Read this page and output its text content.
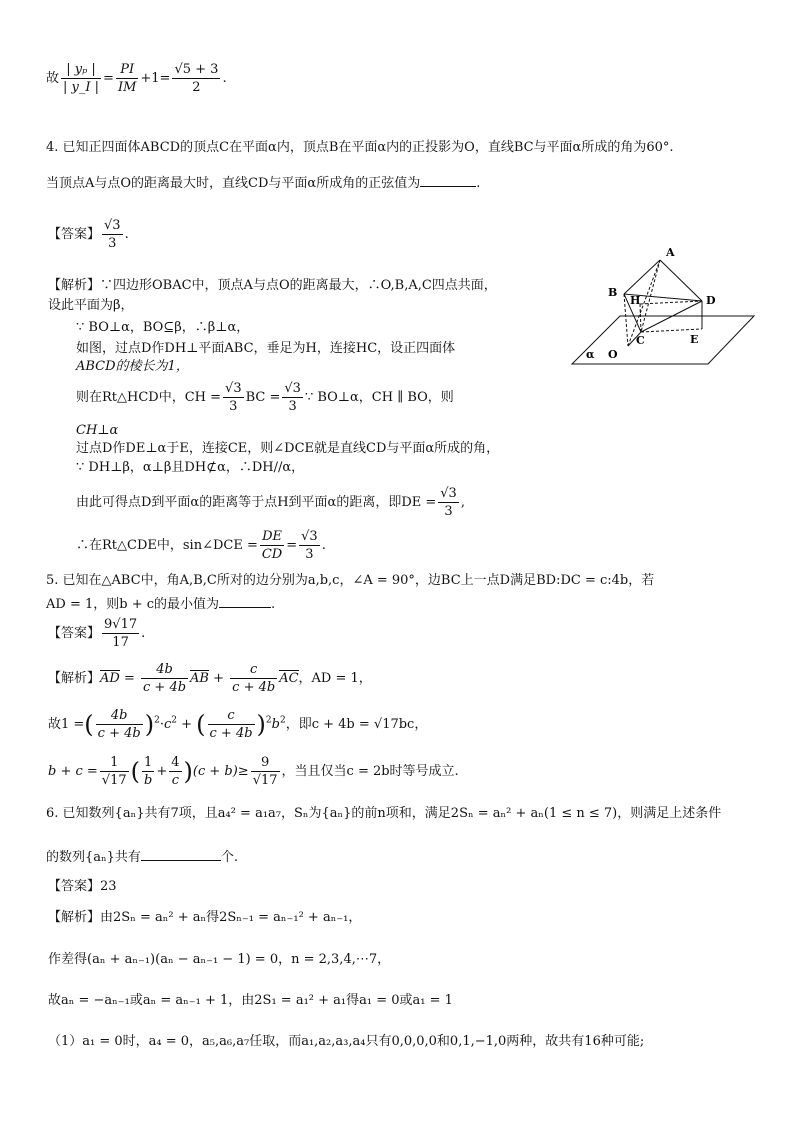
故 $\frac{\text{| yₚ |}}{| y\_I |} = \frac{PI}{IM} +1= \frac{√5 + 3}{2}$ .
4. 已知正四面体ABCD的顶点C在平面α内，顶点B在平面α内的正投影为O，直线BC与平面α所成的角为60°.
当顶点A与点O的距离最大时，直线CD与平面α所成角的正弦值为	.
【答案】 $\frac{√3}{3}$ .
【解析】∵四边形OBAC中，顶点A与点O的距离最大，∴O,B,A,C四点共面，
设此平面为β，
∵ BO⊥α，BO⊆β，∴β⊥α，
如图，过点D作DH⊥平面ABC，垂足为H，连接HC，设正四面体
ABCD的棱长为1，
则在Rt△HCD中，CH = $\frac{√3}{3}$ BC = $\frac{√3}{3}$ ∵ BO⊥α，CH ∥ BO，则
CH⊥α
过点D作DE⊥α于E，连接CE，则∠DCE就是直线CD与平面α所成的角，
∵ DH⊥β，α⊥β且DH⊄α，∴DH//α，
由此可得点D到平面α的距离等于点H到平面α的距离，即DE = $\frac{√3}{3}$ ,
∴在Rt△CDE中，sin∠DCE = $\frac{DE}{CD} = \frac{√3}{3}$ .
A
B
H	D
C	E
α O
5. 已知在△ABC中，角A,B,C所对的边分别为a,b,c，∠A = 90°，边BC上一点D满足BD:DC = c:4b，若
AD = 1，则b + c的最小值为	.
【答案】 $\frac{9√17}{17}$ .
【解析】AD = $\frac{4b}{c + 4b}$ AB + $\frac{c}{c + 4b}$ AC，AD = 1，
故1 =( $\frac{4b}{c + 4b} )^2\cdot c^2$ + ( $\frac{c}{c + 4b} )^2b^2$，即c + 4b = √17bc，
$b + c = \frac{1}{√17}$ ( $\frac{1}{b} + \frac{4}{c} )(c + b)\ge \frac{9}{√17}$ ，当且仅当c = 2b时等号成立.
6. 已知数列{aₙ}共有7项，且a₄² = a₁a₇，Sₙ为{aₙ}的前n项和，满足2Sₙ = aₙ² + aₙ(1 ≤ n ≤ 7)，则满足上述条件
的数列{aₙ}共有	个.
【答案】23
【解析】由2Sₙ = aₙ² + aₙ得2Sₙ₋₁ = aₙ₋₁² + aₙ₋₁，
作差得(aₙ + aₙ₋₁)(aₙ − aₙ₋₁ − 1) = 0，n = 2,3,4,⋯7，
故aₙ = −aₙ₋₁或aₙ = aₙ₋₁ + 1，由2S₁ = a₁² + a₁得a₁ = 0或a₁ = 1
（1）a₁ = 0时，a₄ = 0，a₅,a₆,a₇任取，而a₁,a₂,a₃,a₄只有0,0,0,0和0,1,−1,0两种，故共有16种可能;
